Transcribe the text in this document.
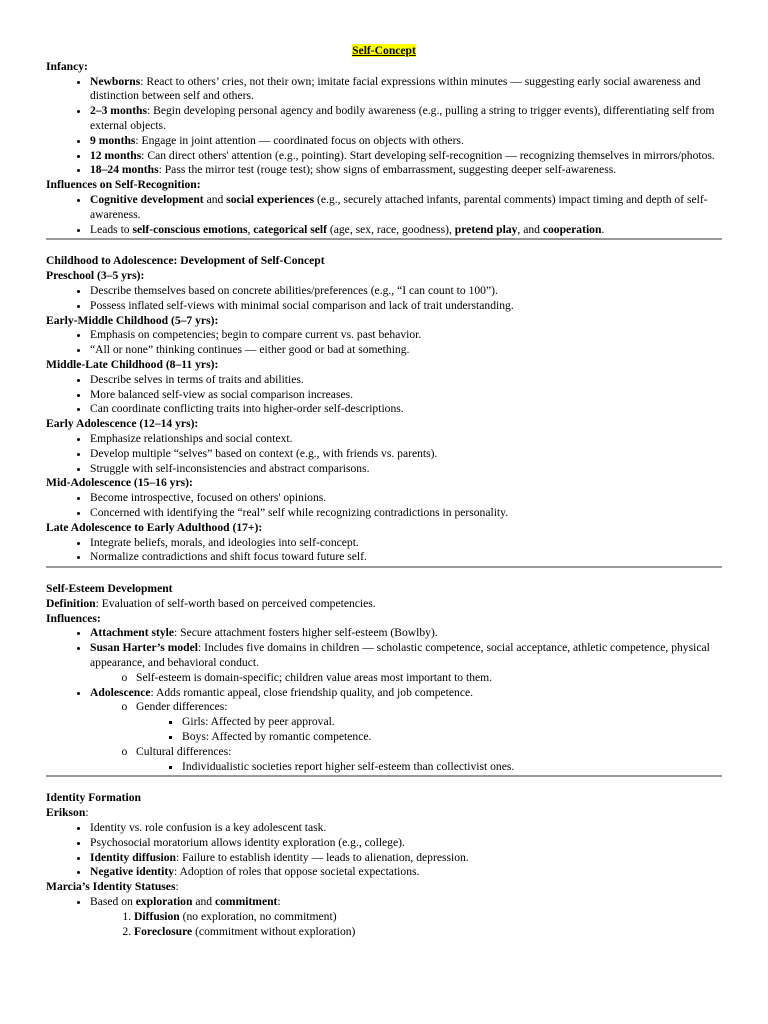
Self-Concept
Infancy:
• Newborns: React to others’ cries, not their own; imitate facial expressions within minutes — suggesting early social awareness and distinction between self and others.
• 2–3 months: Begin developing personal agency and bodily awareness (e.g., pulling a string to trigger events), differentiating self from external objects.
• 9 months: Engage in joint attention — coordinated focus on objects with others.
• 12 months: Can direct others' attention (e.g., pointing). Start developing self-recognition — recognizing themselves in mirrors/photos.
• 18–24 months: Pass the mirror test (rouge test); show signs of embarrassment, suggesting deeper self-awareness.
Influences on Self-Recognition:
• Cognitive development and social experiences (e.g., securely attached infants, parental comments) impact timing and depth of self-awareness.
• Leads to self-conscious emotions, categorical self (age, sex, race, goodness), pretend play, and cooperation.
Childhood to Adolescence: Development of Self-Concept
Preschool (3–5 yrs):
• Describe themselves based on concrete abilities/preferences (e.g., “I can count to 100”).
• Possess inflated self-views with minimal social comparison and lack of trait understanding.
Early-Middle Childhood (5–7 yrs):
• Emphasis on competencies; begin to compare current vs. past behavior.
• “All or none” thinking continues — either good or bad at something.
Middle-Late Childhood (8–11 yrs):
• Describe selves in terms of traits and abilities.
• More balanced self-view as social comparison increases.
• Can coordinate conflicting traits into higher-order self-descriptions.
Early Adolescence (12–14 yrs):
• Emphasize relationships and social context.
• Develop multiple “selves” based on context (e.g., with friends vs. parents).
• Struggle with self-inconsistencies and abstract comparisons.
Mid-Adolescence (15–16 yrs):
• Become introspective, focused on others' opinions.
• Concerned with identifying the “real” self while recognizing contradictions in personality.
Late Adolescence to Early Adulthood (17+):
• Integrate beliefs, morals, and ideologies into self-concept.
• Normalize contradictions and shift focus toward future self.
Self-Esteem Development
Definition: Evaluation of self-worth based on perceived competencies.
Influences:
• Attachment style: Secure attachment fosters higher self-esteem (Bowlby).
• Susan Harter’s model: Includes five domains in children — scholastic competence, social acceptance, athletic competence, physical appearance, and behavioral conduct.
o Self-esteem is domain-specific; children value areas most important to them.
• Adolescence: Adds romantic appeal, close friendship quality, and job competence.
o Gender differences:
▪ Girls: Affected by peer approval.
▪ Boys: Affected by romantic competence.
o Cultural differences:
▪ Individualistic societies report higher self-esteem than collectivist ones.
Identity Formation
Erikson:
• Identity vs. role confusion is a key adolescent task.
• Psychosocial moratorium allows identity exploration (e.g., college).
• Identity diffusion: Failure to establish identity — leads to alienation, depression.
• Negative identity: Adoption of roles that oppose societal expectations.
Marcia’s Identity Statuses:
• Based on exploration and commitment:
1. Diffusion (no exploration, no commitment)
2. Foreclosure (commitment without exploration)
